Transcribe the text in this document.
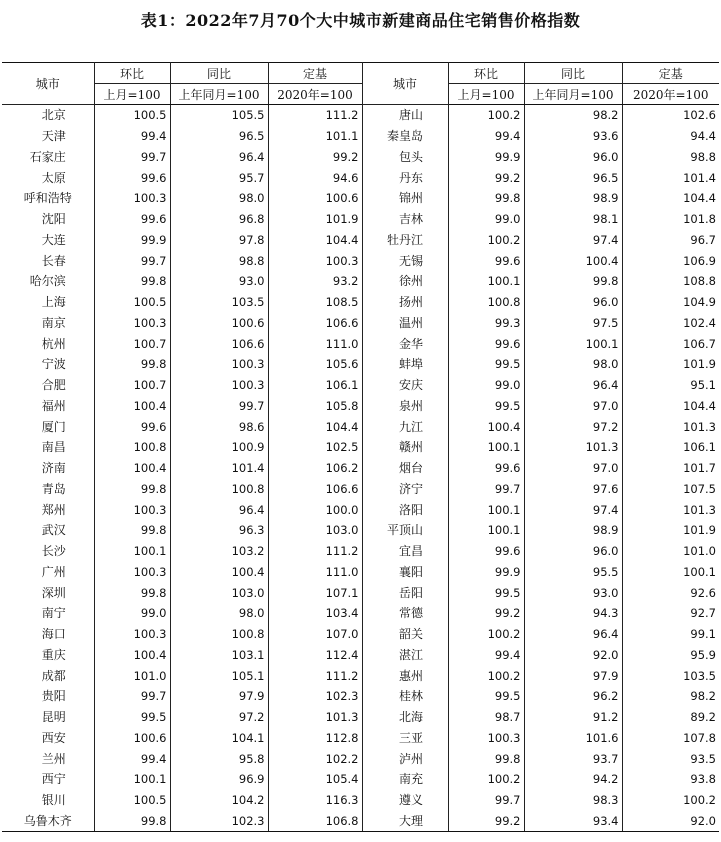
表1：2022年7月70个大中城市新建商品住宅销售价格指数
城市	环比	同比	定基	城市	环比	同比	定基
	上月=100	上年同月=100	2020年=100		上月=100	上年同月=100	2020年=100
北京	100.5	105.5	111.2	唐山	100.2	98.2	102.6
天津	99.4	96.5	101.1	秦皇岛	99.4	93.6	94.4
石家庄	99.7	96.4	99.2	包头	99.9	96.0	98.8
太原	99.6	95.7	94.6	丹东	99.2	96.5	101.4
呼和浩特	100.3	98.0	100.6	锦州	99.8	98.9	104.4
沈阳	99.6	96.8	101.9	吉林	99.0	98.1	101.8
大连	99.9	97.8	104.4	牡丹江	100.2	97.4	96.7
长春	99.7	98.8	100.3	无锡	99.6	100.4	106.9
哈尔滨	99.8	93.0	93.2	徐州	100.1	99.8	108.8
上海	100.5	103.5	108.5	扬州	100.8	96.0	104.9
南京	100.3	100.6	106.6	温州	99.3	97.5	102.4
杭州	100.7	106.6	111.0	金华	99.6	100.1	106.7
宁波	99.8	100.3	105.6	蚌埠	99.5	98.0	101.9
合肥	100.7	100.3	106.1	安庆	99.0	96.4	95.1
福州	100.4	99.7	105.8	泉州	99.5	97.0	104.4
厦门	99.6	98.6	104.4	九江	100.4	97.2	101.3
南昌	100.8	100.9	102.5	赣州	100.1	101.3	106.1
济南	100.4	101.4	106.2	烟台	99.6	97.0	101.7
青岛	99.8	100.8	106.6	济宁	99.7	97.6	107.5
郑州	100.3	96.4	100.0	洛阳	100.1	97.4	101.3
武汉	99.8	96.3	103.0	平顶山	100.1	98.9	101.9
长沙	100.1	103.2	111.2	宜昌	99.6	96.0	101.0
广州	100.3	100.4	111.0	襄阳	99.9	95.5	100.1
深圳	99.8	103.0	107.1	岳阳	99.5	93.0	92.6
南宁	99.0	98.0	103.4	常德	99.2	94.3	92.7
海口	100.3	100.8	107.0	韶关	100.2	96.4	99.1
重庆	100.4	103.1	112.4	湛江	99.4	92.0	95.9
成都	101.0	105.1	111.2	惠州	100.2	97.9	103.5
贵阳	99.7	97.9	102.3	桂林	99.5	96.2	98.2
昆明	99.5	97.2	101.3	北海	98.7	91.2	89.2
西安	100.6	104.1	112.8	三亚	100.3	101.6	107.8
兰州	99.4	95.8	102.2	泸州	99.8	93.7	93.5
西宁	100.1	96.9	105.4	南充	100.2	94.2	93.8
银川	100.5	104.2	116.3	遵义	99.7	98.3	100.2
乌鲁木齐	99.8	102.3	106.8	大理	99.2	93.4	92.0
